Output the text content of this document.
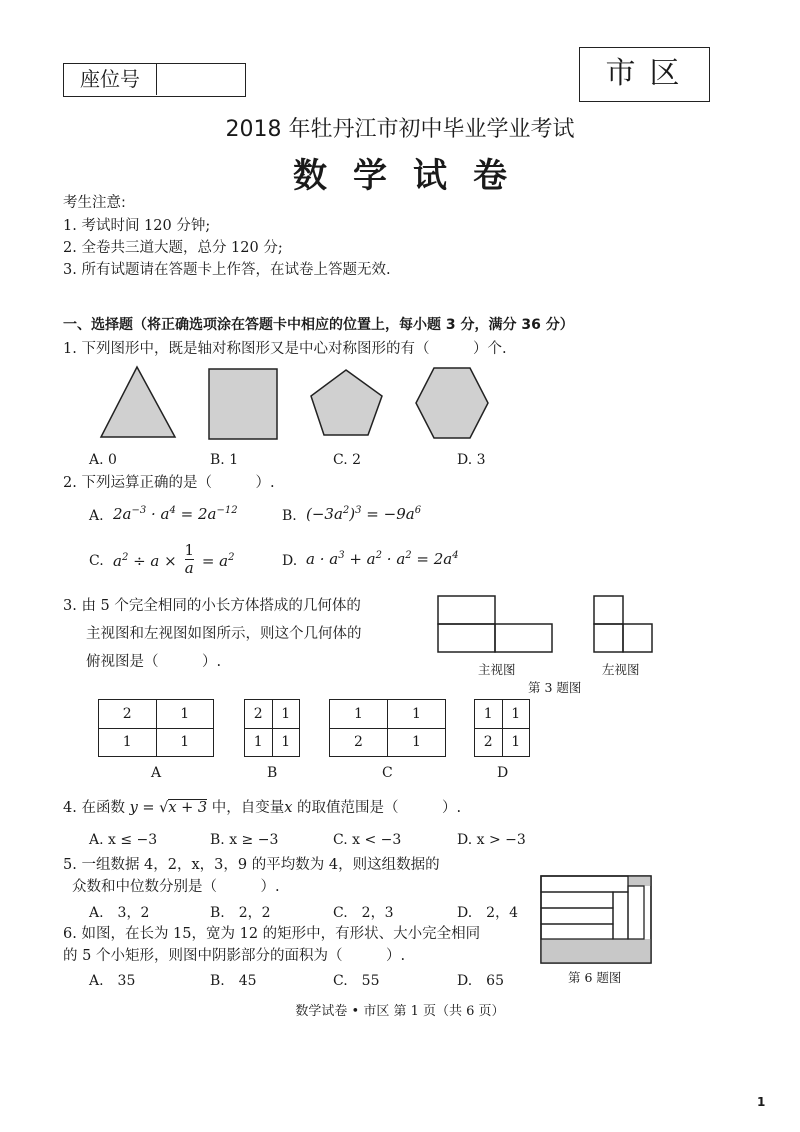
座位号	市区
2018 年牡丹江市初中毕业学业考试
数学试卷
考生注意:
1. 考试时间 120 分钟;
2. 全卷共三道大题，总分 120 分;
3. 所有试题请在答题卡上作答，在试卷上答题无效.
一、选择题（将正确选项涂在答题卡中相应的位置上，每小题 3 分，满分 36 分）
1. 下列图形中，既是轴对称图形又是中心对称图形的有（　　　）个.
A. 0	B. 1	C. 2	D. 3
2. 下列运算正确的是（　　　）.
A. $2a^{-3} \cdot a^4 = 2a^{-12}$	B. $(-3a^2)^3 = -9a^6$
C. $a^2 \div a \times \frac{1}{a} = a^2$	D. $a \cdot a^3 + a^2 \cdot a^2 = 2a^4$
3. 由 5 个完全相同的小长方体搭成的几何体的
主视图和左视图如图所示，则这个几何体的
俯视图是（　　　）.	主视图	左视图
第 3 题图
2	1
1	1
2	1
1	1
1	1
2	1
1	1
2	1
A	B	C	D
4. 在函数 y = √x + 3 中，自变量x 的取值范围是（　　　）.
A. x ≤ −3	B. x ≥ −3	C. x < −3	D. x > −3
5. 一组数据 4，2，x，3，9 的平均数为 4，则这组数据的
众数和中位数分别是（　　　）.
A.　3，2	B.　2，2	C.　2，3	D.　2，4
6. 如图，在长为 15，宽为 12 的矩形中，有形状、大小完全相同
的 5 个小矩形，则图中阴影部分的面积为（　　　）.
A.　35	B.　45	C.　55	D.　65	第 6 题图
数学试卷 • 市区 第 1 页（共 6 页）
1
